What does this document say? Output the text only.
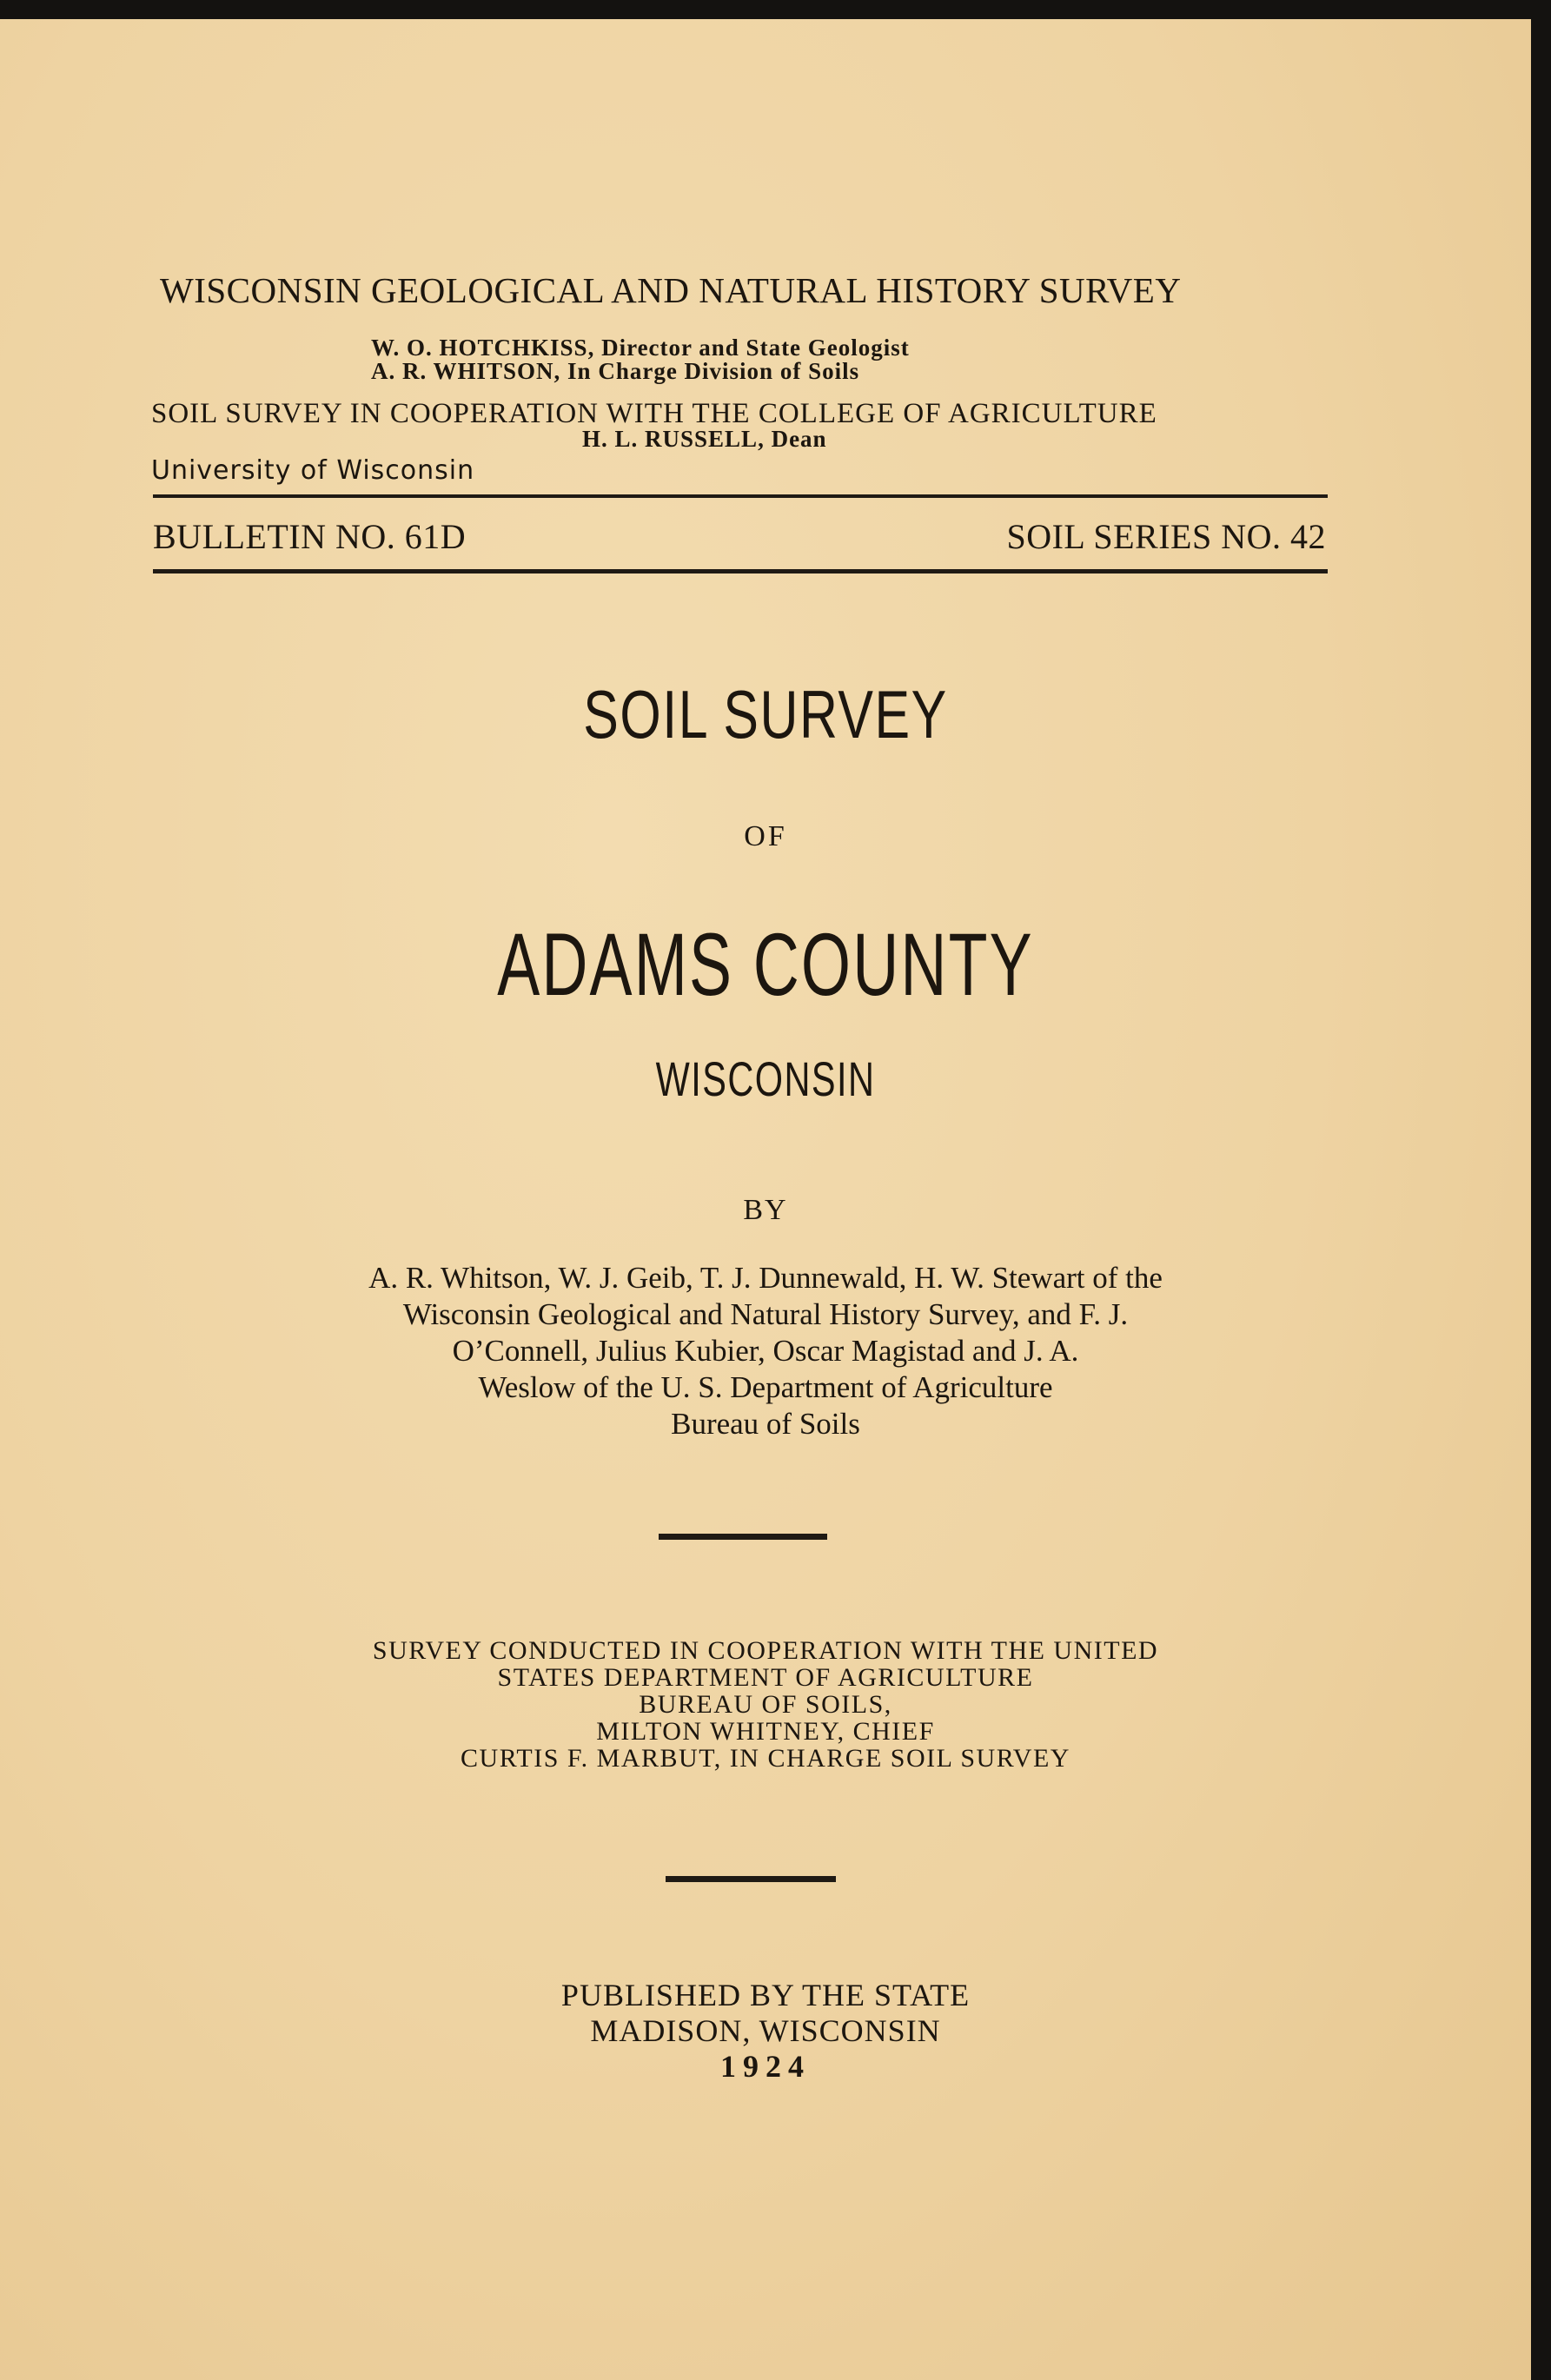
WISCONSIN GEOLOGICAL AND NATURAL HISTORY SURVEY
W. O. HOTCHKISS, Director and State Geologist
A. R. WHITSON, In Charge Division of Soils
SOIL SURVEY IN COOPERATION WITH THE COLLEGE OF AGRICULTURE
H. L. RUSSELL, Dean
University of Wisconsin
BULLETIN NO. 61D	SOIL SERIES NO. 42
SOIL SURVEY
OF
ADAMS COUNTY
WISCONSIN
BY
A. R. Whitson, W. J. Geib, T. J. Dunnewald, H. W. Stewart of the
Wisconsin Geological and Natural History Survey, and F. J.
O’Connell, Julius Kubier, Oscar Magistad and J. A.
Weslow of the U. S. Department of Agriculture
Bureau of Soils
SURVEY CONDUCTED IN COOPERATION WITH THE UNITED
STATES DEPARTMENT OF AGRICULTURE
BUREAU OF SOILS,
MILTON WHITNEY, CHIEF
CURTIS F. MARBUT, IN CHARGE SOIL SURVEY
PUBLISHED BY THE STATE
MADISON, WISCONSIN
1924
